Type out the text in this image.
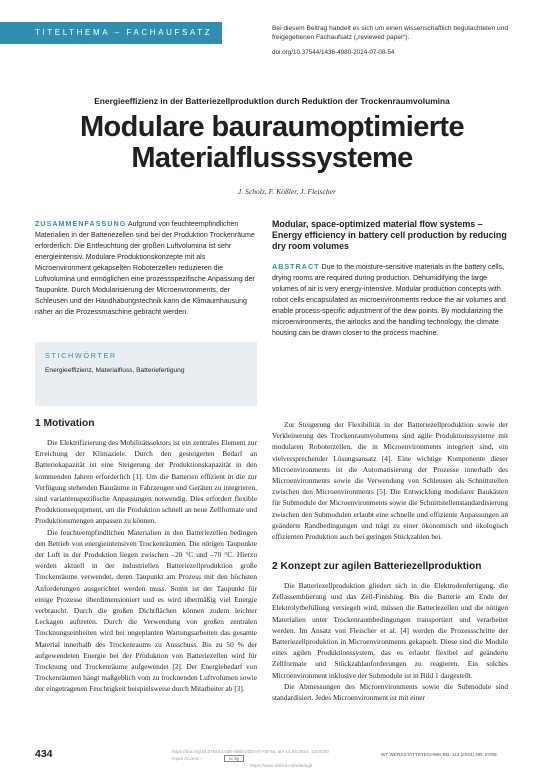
TITELTHEMA – FACHAUFSATZ	Bei diesem Beitrag handelt es sich um einen wissenschaftlich begutachteten und freigegebenen Fachaufsatz („reviewed paper“).
doi.org/10.37544/1436-4980-2024-07-08-54
Energieeffizienz in der Batteriezellproduktion durch Reduktion der Trockenraumvolumina
Modulare bauraumoptimierte
Materialflusssysteme
J. Scholz, F. Kößler, J. Fleischer
ZUSAMMENFASSUNG Aufgrund von feuchteempfindlichen Materialien in der Batteriezellen sind bei der Produktion Trockenräume erforderlich. Die Entfeuchtung der großen Luftvolumina ist sehr energieintensiv. Modulare Produktionskonzepte mit als Microenvironment gekapselten Roboterzellen reduzieren die Luftvolumina und ermöglichen eine prozessspezifische Anpassung der Taupunkte. Durch Modularisierung der Microenvironments, der Schleusen und der Handhabungstechnik kann die Klimaumhausung näher an die Prozessmaschine gebracht werden.
STICHWÖRTER
Energieeffizienz, Materialfluss, Batteriefertigung
Modular, space-optimized material flow systems – Energy efficiency in battery cell production by reducing dry room volumes
ABSTRACT Due to the moisture-sensitive materials in the battery cells, drying rooms are required during production. Dehumidifying the large volumes of air is very energy-intensive. Modular production concepts with robot cells encapsulated as microenvironments reduce the air volumes and enable process-specific adjustment of the dew points. By modularizing the microenvironments, the airlocks and the handling technology, the climate housing can be drawn closer to the process machine.
1 Motivation

Die Elektrifizierung des Mobilitätssektors ist ein zentrales Element zur Erreichung der Klimaziele. Durch den gesteigerten Bedarf an Batteriekapazität ist eine Steigerung der Produktionskapazität in den kommenden Jahren erforderlich [1]. Um die Batterien effizient in die zur Verfügung stehenden Bauräume in Fahrzeugen und Geräten zu integrieren, sind variantenspezifische Anpassungen notwendig. Dies erfordert flexible Produktionsequipment, um die Produktion schnell an neue Zellformate und Produktionsmengen anpassen zu können.

Die feuchteempfindlichen Materialien in den Batteriezellen bedingen den Betrieb von energieintensiven Trockenräumen. Die nötigen Taupunkte der Luft in der Produktion liegen zwischen –20 °C und –70 °C. Hierzu werden aktuell in der industriellen Batteriezellproduktion große Trockenräume verwendet, deren Taupunkt am Prozess mit den höchsten Anforderungen ausgerichtet werden muss. Somit ist der Taupunkt für einige Prozesse überdimensioniert und es wird übermäßig viel Energie verbraucht. Durch die großen Dichtflächen können zudem leichter Leckagen auftreten. Durch die Verwendung von großen zentralen Trocknungseinheiten wird bei ungeplanten Wartungsarbeiten das gesamte Material innerhalb des Trockenraums zu Ausschuss. Bis zu 50 % der aufgewendeten Energie bei der Produktion von Batteriezellen wird für Trocknung und Trockenräume aufgewendet [2]. Der Energiebedarf von Trockenräumen hängt maßgeblich vom zu trocknenden Luftvolumen sowie der eingetragenen Feuchtigkeit beispielsweise durch Mitarbeiter ab [3].

Zur Steigerung der Flexibilität in der Batteriezellproduktion sowie der Verkleinerung des Trockenraumvolumens sind agile Produktionssysteme mit modularen Roboterzellen, die in Microenvironments integriert sind, ein vielversprechender Lösungsansatz [4]. Eine wichtige Komponente dieser Microenvironments ist die Automatisierung der Prozesse innerhalb des Microenvironments sowie die Verwendung von Schleusen als Schnittstellen zwischen den Microenvironments [5]. Die Entwicklung modularer Baukästen für Submodule der Microenvironments sowie die Schnittstellenstandardisierung zwischen den Submodulen erlaubt eine schnelle und effiziente Anpassungen an geänderte Randbedingungen und trägt zu einer ökonomisch und ökologisch effizienten Produktion auch bei geringen Stückzahlen bei.

2 Konzept zur agilen Batteriezellproduktion

Die Batteriezellproduktion gliedert sich in die Elektrodenfertigung, die Zellassemblierung und das Zell-Finishing. Bis die Batterie am Ende der Elektrolytbefüllung versiegelt wird, müssen die Batteriezellen und die nötigen Materialien unter Trockenraumbedingungen transportiert und verarbeitet werden. Im Ansatz von Fleischer et al. [4] werden die Prozessschritte der Batteriezellproduktion in Microenvironments gekapselt. Diese sind die Module eines agilen Produktionssystem, das es erlaubt flexibel auf geänderte Zellformate und Stückzahlanforderungen zu reagieren. Ein solches Microenvironment inklusive der Submodule ist in Bild 1 dargestellt.

Die Abmessungen des Microenvironments sowie die Submodule sind standardisiert. Jedes Microenvironment ist mit einer

434	https://doi.org/10.37544/1436-4980-2024-07-08-54, am 14.05.2024, 13:00:00
Open Access –
https://www.inlibra.com/de/agb
cc by
WT WERKSTATTSTECHNIK BD. 114 (2024) NR. 07/08
